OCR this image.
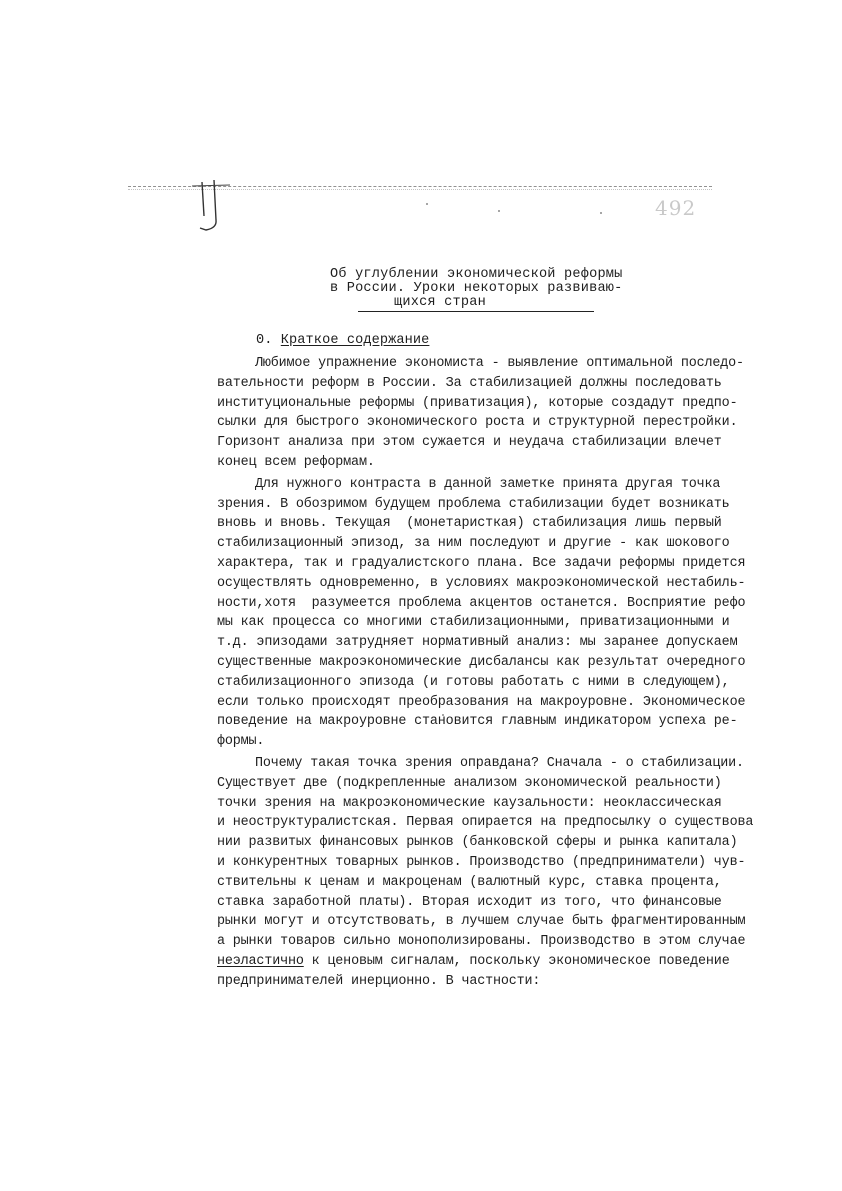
492
Об углублении экономической реформы
в России. Уроки некоторых развиваю-
щихся стран
0. Краткое содержание
Любимое упражнение экономиста - выявление оптимальной последо-
вательности реформ в России. За стабилизацией должны последовать
институциональные реформы (приватизация), которые создадут предпо-
сылки для быстрого экономического роста и структурной перестройки.
Горизонт анализа при этом сужается и неудача стабилизации влечет
конец всем реформам.
Для нужного контраста в данной заметке принята другая точка
зрения. В обозримом будущем проблема стабилизации будет возникать
вновь и вновь. Текущая  (монетаристкая) стабилизация лишь первый
стабилизационный эпизод, за ним последуют и другие - как шокового
характера, так и градуалистского плана. Все задачи реформы придется
осуществлять одновременно, в условиях макроэкономической нестабиль-
ности,хотя  разумеется проблема акцентов останется. Восприятие рефо
мы как процесса со многими стабилизационными, приватизационными и
т.д. эпизодами затрудняет нормативный анализ: мы заранее допускаем
существенные макроэкономические дисбалансы как результат очередного
стабилизационного эпизода (и готовы работать с ними в следующем),
если только происходят преобразования на макроуровне. Экономическое
поведение на макроуровне становится главным индикатором успеха ре-
формы.
Почему такая точка зрения оправдана? Сначала - о стабилизации.
Существует две (подкрепленные анализом экономической реальности)
точки зрения на макроэкономические каузальности: неоклассическая
и неоструктуралистская. Первая опирается на предпосылку о существова
нии развитых финансовых рынков (банковской сферы и рынка капитала)
и конкурентных товарных рынков. Производство (предприниматели) чув-
ствительны к ценам и макроценам (валютный курс, ставка процента,
ставка заработной платы). Вторая исходит из того, что финансовые
рынки могут и отсутствовать, в лучшем случае быть фрагментированным
а рынки товаров сильно монополизированы. Производство в этом случае
неэластично к ценовым сигналам, поскольку экономическое поведение
предпринимателей инерционно. В частности:
